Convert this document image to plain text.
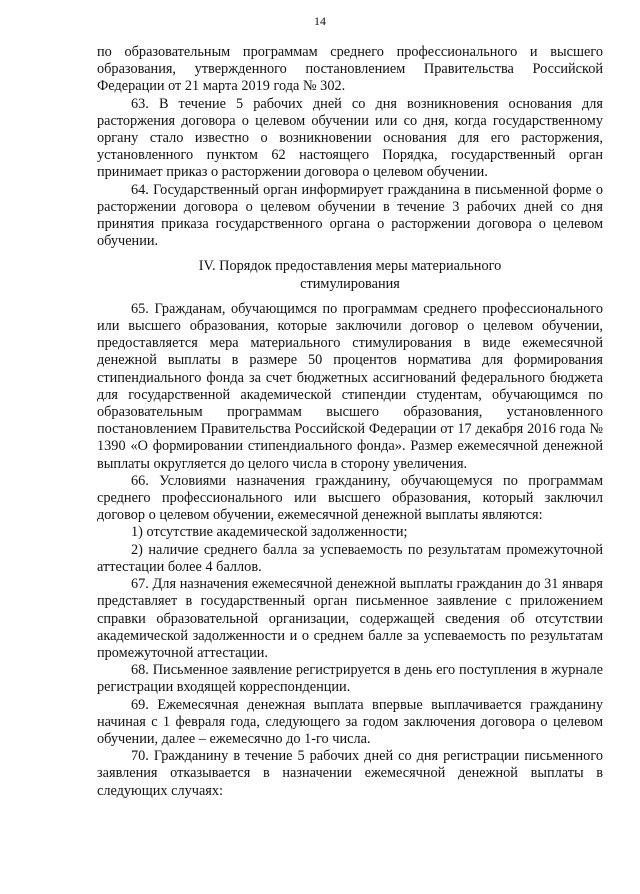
14

по образовательным программам среднего профессионального и высшего образования, утвержденного постановлением Правительства Российской Федерации от 21 марта 2019 года № 302.

63. В течение 5 рабочих дней со дня возникновения основания для расторжения договора о целевом обучении или со дня, когда государственному органу стало известно о возникновении основания для его расторжения, установленного пунктом 62 настоящего Порядка, государственный орган принимает приказ о расторжении договора о целевом обучении.

64. Государственный орган информирует гражданина в письменной форме о расторжении договора о целевом обучении в течение 3 рабочих дней со дня принятия приказа государственного органа о расторжении договора о целевом обучении.

IV. Порядок предоставления меры материального стимулирования

65. Гражданам, обучающимся по программам среднего профессионального или высшего образования, которые заключили договор о целевом обучении, предоставляется мера материального стимулирования в виде ежемесячной денежной выплаты в размере 50 процентов норматива для формирования стипендиального фонда за счет бюджетных ассигнований федерального бюджета для государственной академической стипендии студентам, обучающимся по образовательным программам высшего образования, установленного постановлением Правительства Российской Федерации от 17 декабря 2016 года № 1390 «О формировании стипендиального фонда». Размер ежемесячной денежной выплаты округляется до целого числа в сторону увеличения.

66. Условиями назначения гражданину, обучающемуся по программам среднего профессионального или высшего образования, который заключил договор о целевом обучении, ежемесячной денежной выплаты являются:

1) отсутствие академической задолженности;

2) наличие среднего балла за успеваемость по результатам промежуточной аттестации более 4 баллов.

67. Для назначения ежемесячной денежной выплаты гражданин до 31 января представляет в государственный орган письменное заявление с приложением справки образовательной организации, содержащей сведения об отсутствии академической задолженности и о среднем балле за успеваемость по результатам промежуточной аттестации.

68. Письменное заявление регистрируется в день его поступления в журнале регистрации входящей корреспонденции.

69. Ежемесячная денежная выплата впервые выплачивается гражданину начиная с 1 февраля года, следующего за годом заключения договора о целевом обучении, далее – ежемесячно до 1-го числа.

70. Гражданину в течение 5 рабочих дней со дня регистрации письменного заявления отказывается в назначении ежемесячной денежной выплаты в следующих случаях:
